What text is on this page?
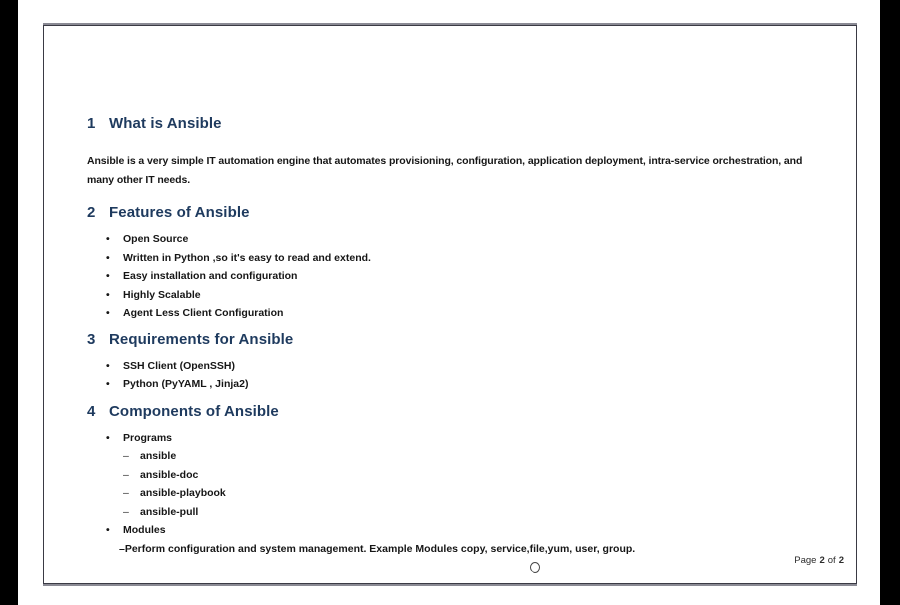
1 What is Ansible

Ansible is a very simple IT automation engine that automates provisioning, configuration, application deployment, intra-service orchestration, and many other IT needs.

2 Features of Ansible
•	Open Source
•	Written in Python ,so it's easy to read and extend.
•	Easy installation and configuration
•	Highly Scalable
•	Agent Less Client Configuration
3 Requirements for Ansible
•	SSH Client (OpenSSH)
•	Python (PyYAML , Jinja2)
4 Components of Ansible
•	Programs
–	ansible
–	ansible-doc
–	ansible-playbook
–	ansible-pull
•	Modules
–Perform configuration and system management. Example Modules copy, service,file,yum, user, group.
Page 2 of 2
